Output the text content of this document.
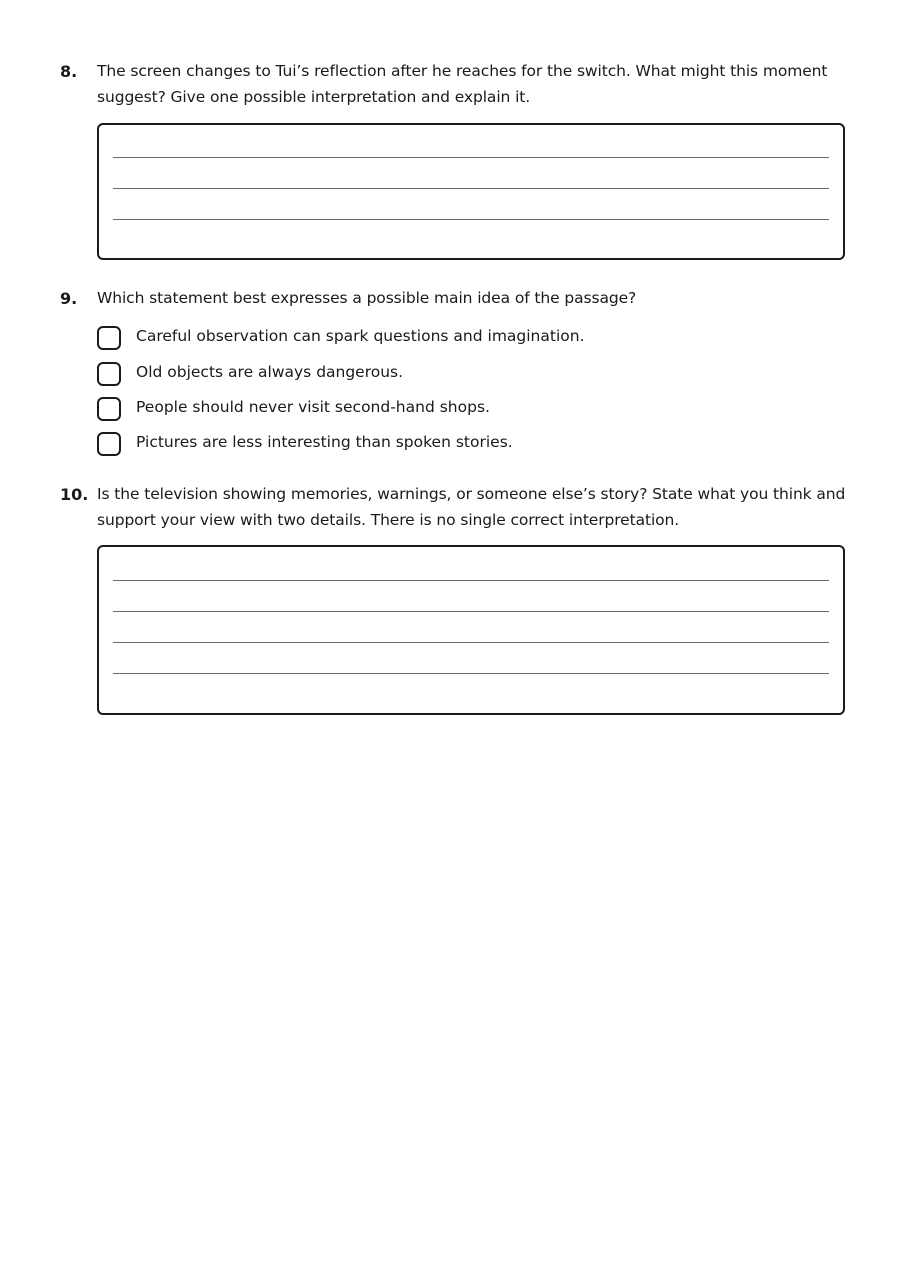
8.	The screen changes to Tui’s reflection after he reaches for the switch. What might this moment suggest? Give one possible interpretation and explain it.
9.	Which statement best expresses a possible main idea of the passage?
Careful observation can spark questions and imagination.
Old objects are always dangerous.
People should never visit second-hand shops.
Pictures are less interesting than spoken stories.
10. Is the television showing memories, warnings, or someone else’s story? State what you think and support your view with two details. There is no single correct interpretation.
